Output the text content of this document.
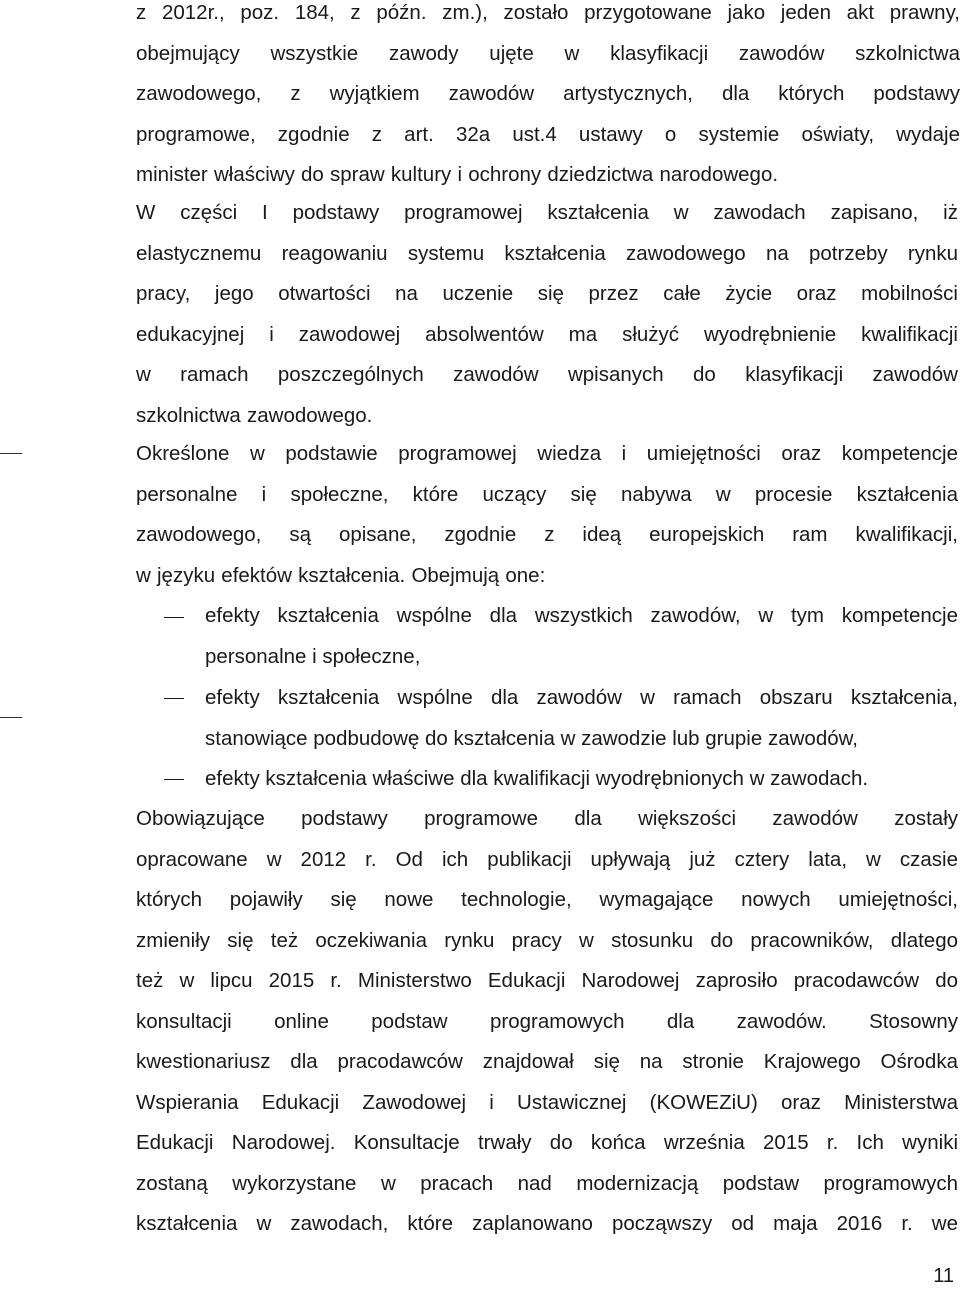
z 2012r., poz. 184, z późn. zm.), zostało przygotowane jako jeden akt prawny,
obejmujący wszystkie zawody ujęte w klasyfikacji zawodów szkolnictwa
zawodowego, z wyjątkiem zawodów artystycznych, dla których podstawy
programowe, zgodnie z art. 32a ust.4 ustawy o systemie oświaty, wydaje
minister właściwy do spraw kultury i ochrony dziedzictwa narodowego.
W części I podstawy programowej kształcenia w zawodach zapisano, iż
elastycznemu reagowaniu systemu kształcenia zawodowego na potrzeby rynku
pracy, jego otwartości na uczenie się przez całe życie oraz mobilności
edukacyjnej i zawodowej absolwentów ma służyć wyodrębnienie kwalifikacji
w ramach poszczególnych zawodów wpisanych do klasyfikacji zawodów
szkolnictwa zawodowego.
Określone w podstawie programowej wiedza i umiejętności oraz kompetencje
personalne i społeczne, które uczący się nabywa w procesie kształcenia
zawodowego, są opisane, zgodnie z ideą europejskich ram kwalifikacji,
w języku efektów kształcenia. Obejmują one:
efekty kształcenia wspólne dla wszystkich zawodów, w tym kompetencje
personalne i społeczne,
efekty kształcenia wspólne dla zawodów w ramach obszaru kształcenia,
stanowiące podbudowę do kształcenia w zawodzie lub grupie zawodów,
efekty kształcenia właściwe dla kwalifikacji wyodrębnionych w zawodach.
Obowiązujące podstawy programowe dla większości zawodów zostały
opracowane w 2012 r. Od ich publikacji upływają już cztery lata, w czasie
których pojawiły się nowe technologie, wymagające nowych umiejętności,
zmieniły się też oczekiwania rynku pracy w stosunku do pracowników, dlatego
też w lipcu 2015 r. Ministerstwo Edukacji Narodowej zaprosiło pracodawców do
konsultacji online podstaw programowych dla zawodów. Stosowny
kwestionariusz dla pracodawców znajdował się na stronie Krajowego Ośrodka
Wspierania Edukacji Zawodowej i Ustawicznej (KOWEZiU) oraz Ministerstwa
Edukacji Narodowej. Konsultacje trwały do końca września 2015 r. Ich wyniki
zostaną wykorzystane w pracach nad modernizacją podstaw programowych
kształcenia w zawodach, które zaplanowano począwszy od maja 2016 r. we
11
